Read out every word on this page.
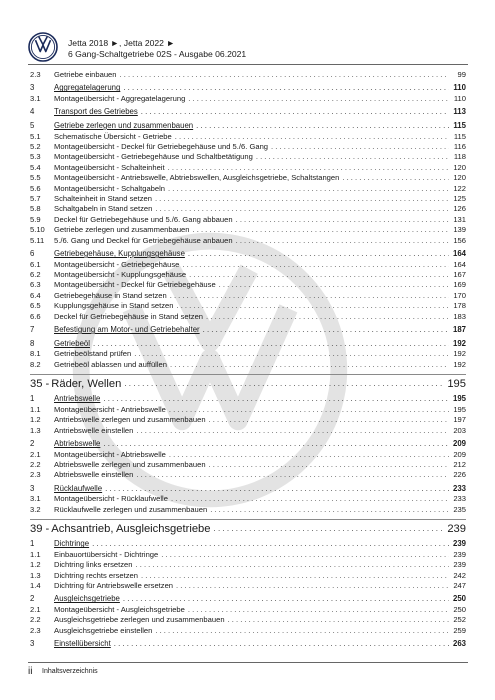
Jetta 2018 ►, Jetta 2022 ►
6 Gang-Schaltgetriebe 02S - Ausgabe 06.2021
2.3	Getriebe einbauen . . .	99
3	Aggregatelagerung . . .	110
3.1	Montageübersicht - Aggregatelagerung . . .	110
4	Transport des Getriebes . . .	113
5	Getriebe zerlegen und zusammenbauen . . .	115
5.1	Schematische Übersicht - Getriebe . . .	115
5.2	Montageübersicht - Deckel für Getriebegehäuse und 5./6. Gang . . .	116
5.3	Montageübersicht - Getriebegehäuse und Schaltbetätigung . . .	118
5.4	Montageübersicht - Schalteinheit . . .	120
5.5	Montageübersicht - Antriebswelle, Abtriebswellen, Ausgleichsgetriebe, Schaltstangen . . .	120
5.6	Montageübersicht - Schaltgabeln . . .	122
5.7	Schalteinheit in Stand setzen . . .	125
5.8	Schaltgabeln in Stand setzen . . .	126
5.9	Deckel für Getriebegehäuse und 5./6. Gang abbauen . . .	131
5.10	Getriebe zerlegen und zusammenbauen . . .	139
5.11	5./6. Gang und Deckel für Getriebegehäuse anbauen . . .	156
6	Getriebegehäuse, Kupplungsgehäuse . . .	164
6.1	Montageübersicht - Getriebegehäuse . . .	164
6.2	Montageübersicht - Kupplungsgehäuse . . .	167
6.3	Montageübersicht - Deckel für Getriebegehäuse . . .	169
6.4	Getriebegehäuse in Stand setzen . . .	170
6.5	Kupplungsgehäuse in Stand setzen . . .	178
6.6	Deckel für Getriebegehäuse in Stand setzen . . .	183
7	Befestigung am Motor- und Getriebehalter . . .	187
8	Getriebeöl . . .	192
8.1	Getriebeölstand prüfen . . .	192
8.2	Getriebeöl ablassen und auffüllen . . .	192
35 - Räder, Wellen . . .	195
1	Antriebswelle . . .	195
1.1	Montageübersicht - Antriebswelle . . .	195
1.2	Antriebswelle zerlegen und zusammenbauen . . .	197
1.3	Antriebswelle einstellen . . .	203
2	Abtriebswelle . . .	209
2.1	Montageübersicht - Abtriebswelle . . .	209
2.2	Abtriebswelle zerlegen und zusammenbauen . . .	212
2.3	Abtriebswelle einstellen . . .	226
3	Rücklaufwelle . . .	233
3.1	Montageübersicht - Rücklaufwelle . . .	233
3.2	Rücklaufwelle zerlegen und zusammenbauen . . .	235
39 - Achsantrieb, Ausgleichsgetriebe . . .	239
1	Dichtringe . . .	239
1.1	Einbauortübersicht - Dichtringe . . .	239
1.2	Dichtring links ersetzen . . .	239
1.3	Dichtring rechts ersetzen . . .	242
1.4	Dichtring für Antriebswelle ersetzen . . .	247
2	Ausgleichsgetriebe . . .	250
2.1	Montageübersicht - Ausgleichsgetriebe . . .	250
2.2	Ausgleichsgetriebe zerlegen und zusammenbauen . . .	252
2.3	Ausgleichsgetriebe einstellen . . .	259
3	Einstellübersicht . . .	263
ii Inhaltsverzeichnis
